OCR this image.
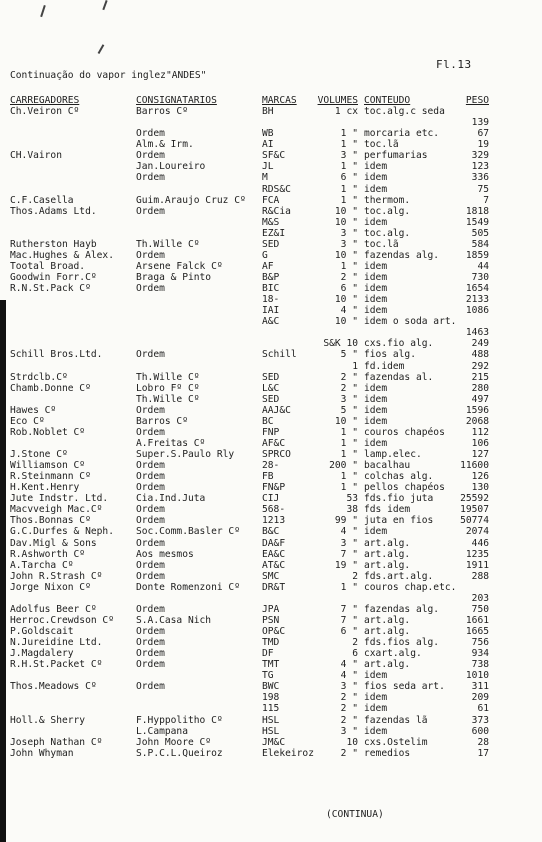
Fl.13
Continuação do vapor inglez"ANDES"
CARREGADORES	CONSIGNATARIOS	MARCAS	VOLUMES CONTEUDO	PESO
Ch.Veiron Cº	Barros Cº	BH	1 cx toc.alg.c seda
139
Ordem	WB	1 " morcaria etc.	67
Alm.& Irm.	AI	1 " toc.lã	19
CH.Vairon	Ordem	SF&C	3 " perfumarias	329
Jan.Loureiro	JL	1 " idem	123
Ordem	M	6 " idem	336
RDS&C	1 " idem	75
C.F.Casella	Guim.Araujo Cruz Cº	FCA	1 " thermom.	7
Thos.Adams Ltd.	Ordem	R&Cia	10 " toc.alg.	1818
M&S	10 " idem	1549
EZ&I	3 " toc.alg.	505
Rutherston Hayb	Th.Wille Cº	SED	3 " toc.lã	584
Mac.Hughes & Alex.	Ordem	G	10 " fazendas alg.	1859
Tootal Broad.	Arsene Falck Cº	AF	1 " idem	44
Goodwin Forr.Cº	Braga & Pinto	B&P	2 " idem	730
R.N.St.Pack Cº	Ordem	BIC	6 " idem	1654
18-	10 " idem	2133
IAI	4 " idem	1086
A&C	10 " idem o soda art.
1463
S&K 10 cxs.fio alg.	249
Schill Bros.Ltd.	Ordem	Schill	5 " fios alg.	488
1 fd.idem	292
Strdclb.Cº	Th.Wille Cº	SED	2 " fazendas al.	215
Chamb.Donne Cº	Lobro Fº Cº	L&C	2 " idem	280
Th.Wille Cº	SED	3 " idem	497
Hawes Cº	Ordem	AAJ&C	5 " idem	1596
Eco Cº	Barros Cº	BC	10 " idem	2068
Rob.Noblet Cº	Ordem	FNP	1 " couros chapéos	112
A.Freitas Cº	AF&C	1 " idem	106
J.Stone Cº	Super.S.Paulo Rly	SPRCO	1 " lamp.elec.	127
Williamson Cº	Ordem	28-	200 " bacalhau	11600
R.Steinmann Cº	Ordem	FB	1 " colchas alg.	126
H.Kent.Henry	Ordem	FN&P	1 " pellos chapéos	130
Jute Indstr. Ltd.	Cia.Ind.Juta	CIJ	53 fds.fio juta	25592
Macvveigh Mac.Cº	Ordem	568-	38 fds idem	19507
Thos.Bonnas Cº	Ordem	1213	99 " juta en fios	50774
G.C.Durfes & Neph.	Soc.Comm.Basler Cº	B&C	4 " idem	2074
Dav.Migl & Sons	Ordem	DA&F	3 " art.alg.	446
R.Ashworth Cº	Aos mesmos	EA&C	7 " art.alg.	1235
A.Tarcha Cº	Ordem	AT&C	19 " art.alg.	1911
John R.Strash Cº	Ordem	SMC	2 fds.art.alg.	288
Jorge Nixon Cº	Donte Romenzoni Cº	DR&T	1 " couros chap.etc.
203
Adolfus Beer Cº	Ordem	JPA	7 " fazendas alg.	750
Herroc.Crewdson Cº	S.A.Casa Nich	PSN	7 " art.alg.	1661
P.Goldscait	Ordem	OP&C	6 " art.alg.	1665
N.Jureidine Ltd.	Ordem	TMD	2 fds.fios alg.	756
J.Magdalery	Ordem	DF	6 cxart.alg.	934
R.H.St.Packet Cº	Ordem	TMT	4 " art.alg.	738
TG	4 " idem	1010
Thos.Meadows Cº	Ordem	BWC	3 " fios seda art.	311
198	2 " idem	209
115	2 " idem	61
Holl.& Sherry	F.Hyppolitho Cº	HSL	2 " fazendas lã	373
L.Campana	HSL	3 " idem	600
Joseph Nathan Cº	John Moore Cº	JM&C	10 cxs.Ostelim	28
John Whyman	S.P.C.L.Queiroz	Elekeiroz	2 " remedios	17
(CONTINUA)
